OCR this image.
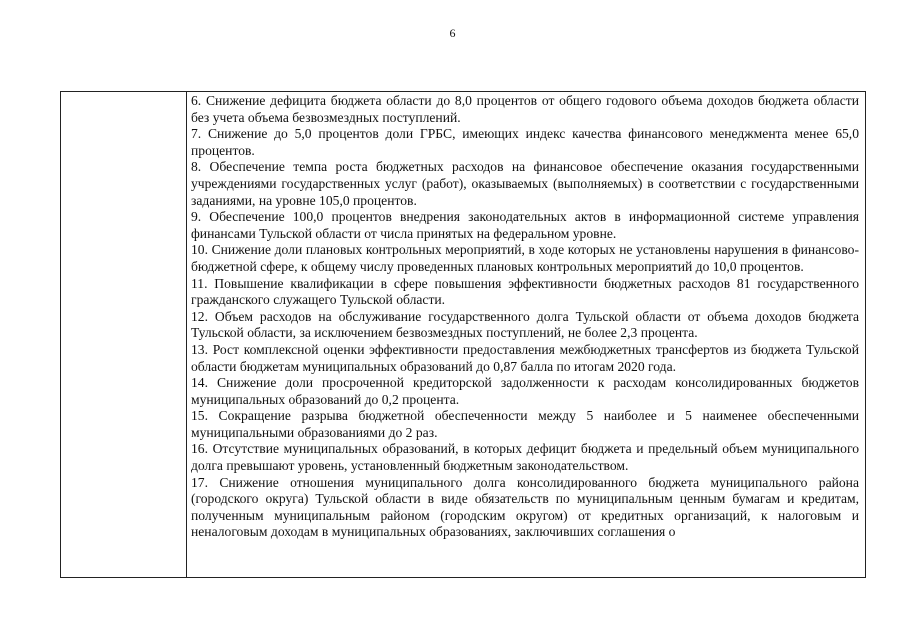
6

6. Снижение дефицита бюджета области до 8,0 процентов от общего годового объема доходов бюджета области без учета объема безвозмездных поступлений.

7. Снижение до 5,0 процентов доли ГРБС, имеющих индекс качества финансового менеджмента менее 65,0 процентов.

8. Обеспечение темпа роста бюджетных расходов на финансовое обеспечение оказания государственными учреждениями государственных услуг (работ), оказываемых (выполняемых) в соответствии с государственными заданиями, на уровне 105,0 процентов.

9. Обеспечение 100,0 процентов внедрения законодательных актов в информационной системе управления финансами Тульской области от числа принятых на федеральном уровне.

10. Снижение доли плановых контрольных мероприятий, в ходе которых не установлены нарушения в финансово-бюджетной сфере, к общему числу проведенных плановых контрольных мероприятий до 10,0 процентов.

11. Повышение квалификации в сфере повышения эффективности бюджетных расходов 81 государственного гражданского служащего Тульской области.

12. Объем расходов на обслуживание государственного долга Тульской области от объема доходов бюджета Тульской области, за исключением безвозмездных поступлений, не более 2,3 процента.

13. Рост комплексной оценки эффективности предоставления межбюджетных трансфертов из бюджета Тульской области бюджетам муниципальных образований до 0,87 балла по итогам 2020 года.

14. Снижение доли просроченной кредиторской задолженности к расходам консолидированных бюджетов муниципальных образований до 0,2 процента.

15. Сокращение разрыва бюджетной обеспеченности между 5 наиболее и 5 наименее обеспеченными муниципальными образованиями до 2 раз.

16. Отсутствие муниципальных образований, в которых дефицит бюджета и предельный объем муниципального долга превышают уровень, установленный бюджетным законодательством.

17. Снижение отношения муниципального долга консолидированного бюджета муниципального района (городского округа) Тульской области в виде обязательств по муниципальным ценным бумагам и кредитам, полученным муниципальным районом (городским округом) от кредитных организаций, к налоговым и неналоговым доходам в муниципальных образованиях, заключивших соглашения о
